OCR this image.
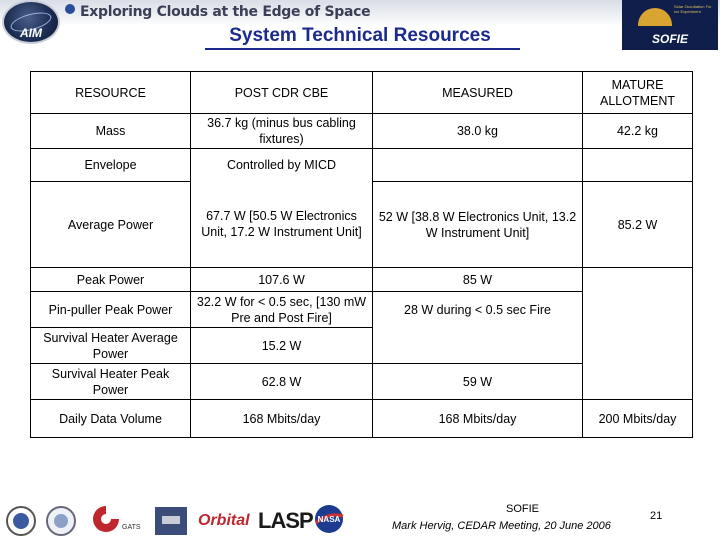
AIM
Exploring Clouds at the Edge of Space
System Technical Resources
Solar Occultation For Ice Experiment
SOFIE
RESOURCE	POST CDR CBE	MEASURED	MATURE ALLOTMENT
Mass	36.7 kg (minus bus cabling fixtures)	38.0 kg	42.2 kg
Envelope	Controlled by MICD		
Average Power	67.7 W [50.5 W Electronics Unit, 17.2 W Instrument Unit]	52 W [38.8 W Electronics Unit, 13.2 W Instrument Unit]	85.2 W
Peak Power	107.6 W	85 W	
Pin-puller Peak Power	32.2 W for < 0.5 sec, [130 mW Pre and Post Fire]	28 W during < 0.5 sec Fire	
Survival Heater Average Power	15.2 W		
Survival Heater Peak Power	62.8 W	59 W	
Daily Data Volume	168 Mbits/day	168 Mbits/day	200 Mbits/day
GATS	Orbital LASP NASA
SOFIE
Mark Hervig, CEDAR Meeting, 20 June 2006
21
